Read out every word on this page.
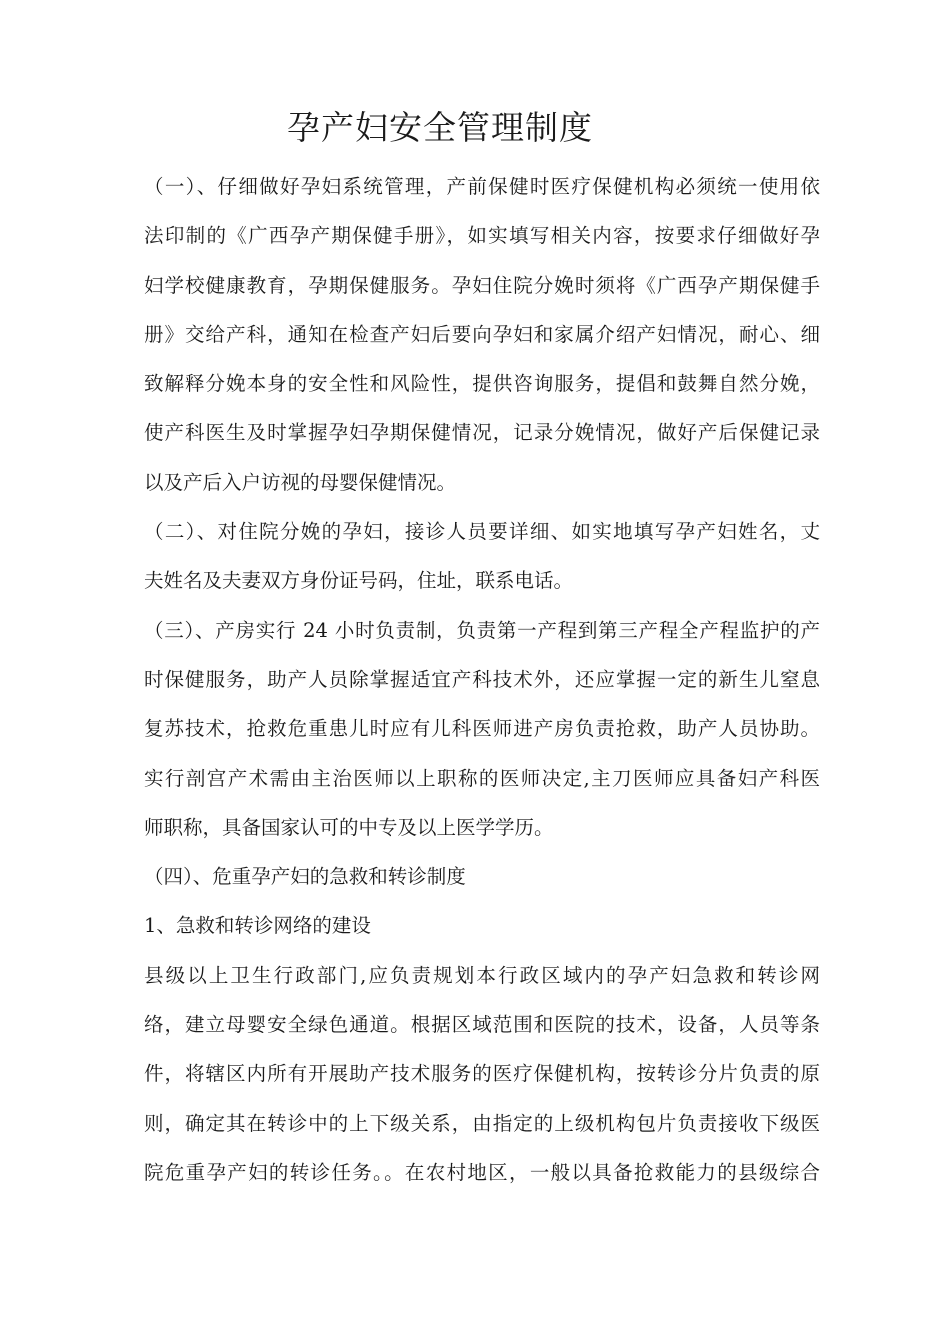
孕产妇安全管理制度

（一）、仔细做好孕妇系统管理，产前保健时医疗保健机构必须统一使用依
法印制的《广西孕产期保健手册》，如实填写相关内容，按要求仔细做好孕
妇学校健康教育，孕期保健服务。孕妇住院分娩时须将《广西孕产期保健手
册》交给产科，通知在检查产妇后要向孕妇和家属介绍产妇情况，耐心、细
致解释分娩本身的安全性和风险性，提供咨询服务，提倡和鼓舞自然分娩，
使产科医生及时掌握孕妇孕期保健情况，记录分娩情况，做好产后保健记录
以及产后入户访视的母婴保健情况。

（二）、对住院分娩的孕妇，接诊人员要详细、如实地填写孕产妇姓名，丈
夫姓名及夫妻双方身份证号码，住址，联系电话。

（三）、产房实行 24 小时负责制，负责第一产程到第三产程全产程监护的产
时保健服务，助产人员除掌握适宜产科技术外，还应掌握一定的新生儿窒息
复苏技术，抢救危重患儿时应有儿科医师进产房负责抢救，助产人员协助。
实行剖宫产术需由主治医师以上职称的医师决定,主刀医师应具备妇产科医
师职称，具备国家认可的中专及以上医学学历。

（四）、危重孕产妇的急救和转诊制度

1、急救和转诊网络的建设

县级以上卫生行政部门,应负责规划本行政区域内的孕产妇急救和转诊网
络，建立母婴安全绿色通道。根据区域范围和医院的技术，设备，人员等条
件，将辖区内所有开展助产技术服务的医疗保健机构，按转诊分片负责的原
则，确定其在转诊中的上下级关系，由指定的上级机构包片负责接收下级医
院危重孕产妇的转诊任务。。在农村地区，一般以具备抢救能力的县级综合
